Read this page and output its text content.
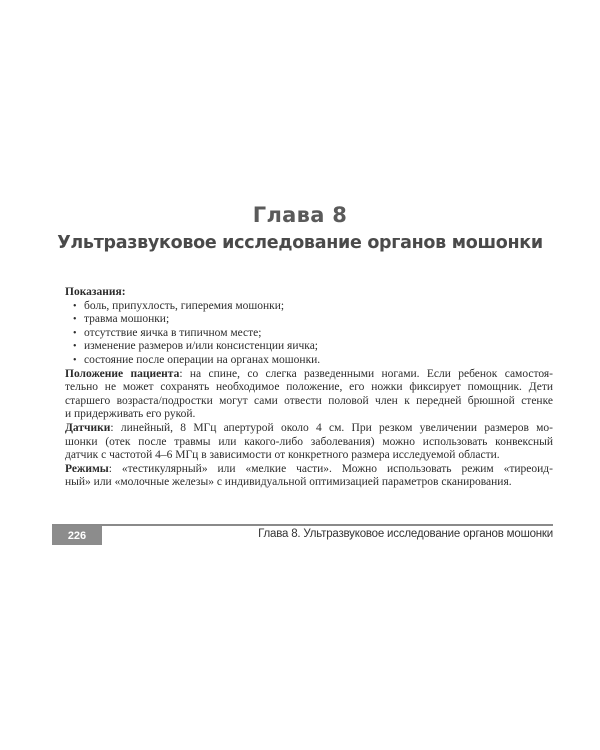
Глава 8
Ультразвуковое исследование органов мошонки

Показания:

• боль, припухлость, гиперемия мошонки;
• травма мошонки;
• отсутствие яичка в типичном месте;
• изменение размеров и/или консистенции яичка;
• состояние после операции на органах мошонки.

Положение пациента: на спине, со слегка разведенными ногами. Если ребенок самостоя-
тельно не может сохранять необходимое положение, его ножки фиксирует помощник. Дети
старшего возраста/подростки могут сами отвести половой член к передней брюшной стенке
и придерживать его рукой.

Датчики: линейный, 8 МГц апертурой около 4 см. При резком увеличении размеров мо-
шонки (отек после травмы или какого-либо заболевания) можно использовать конвексный
датчик с частотой 4–6 МГц в зависимости от конкретного размера исследуемой области.

Режимы: «тестикулярный» или «мелкие части». Можно использовать режим «тиреоид-
ный» или «молочные железы» с индивидуальной оптимизацией параметров сканирования.

226	Глава 8. Ультразвуковое исследование органов мошонки
